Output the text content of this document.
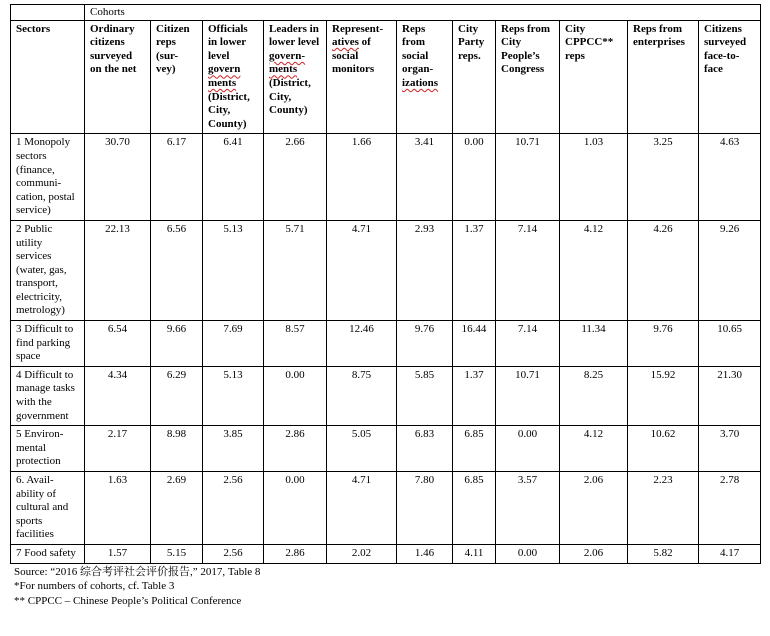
	Cohorts										
Sectors	Ordinary citizens surveyed on the net	Citizen reps (sur-vey)	Officials in lower level govern ments (District, City, County)	Leaders in lower level govern-ments (District, City, County)	Represent-atives of social monitors	Reps from social organ-izations	City Party reps.	Reps from City People’s Congress	City CPPCC** reps	Reps from enterprises	Citizens surveyed face-to-face
1 Monopoly sectors (finance, communi-cation, postal service)	30.70	6.17	6.41	2.66	1.66	3.41	0.00	10.71	1.03	3.25	4.63
2 Public utility services (water, gas, transport, electricity, metrology)	22.13	6.56	5.13	5.71	4.71	2.93	1.37	7.14	4.12	4.26	9.26
3 Difficult to find parking space	6.54	9.66	7.69	8.57	12.46	9.76	16.44	7.14	11.34	9.76	10.65
4 Difficult to manage tasks with the government	4.34	6.29	5.13	0.00	8.75	5.85	1.37	10.71	8.25	15.92	21.30
5 Environ-mental protection	2.17	8.98	3.85	2.86	5.05	6.83	6.85	0.00	4.12	10.62	3.70
6. Avail-ability of cultural and sports facilities	1.63	2.69	2.56	0.00	4.71	7.80	6.85	3.57	2.06	2.23	2.78
7 Food safety	1.57	5.15	2.56	2.86	2.02	1.46	4.11	0.00	2.06	5.82	4.17
Source: “2016 综合考评社会评价报告,” 2017, Table 8
*For numbers of cohorts, cf. Table 3
** CPPCC – Chinese People’s Political Conference
